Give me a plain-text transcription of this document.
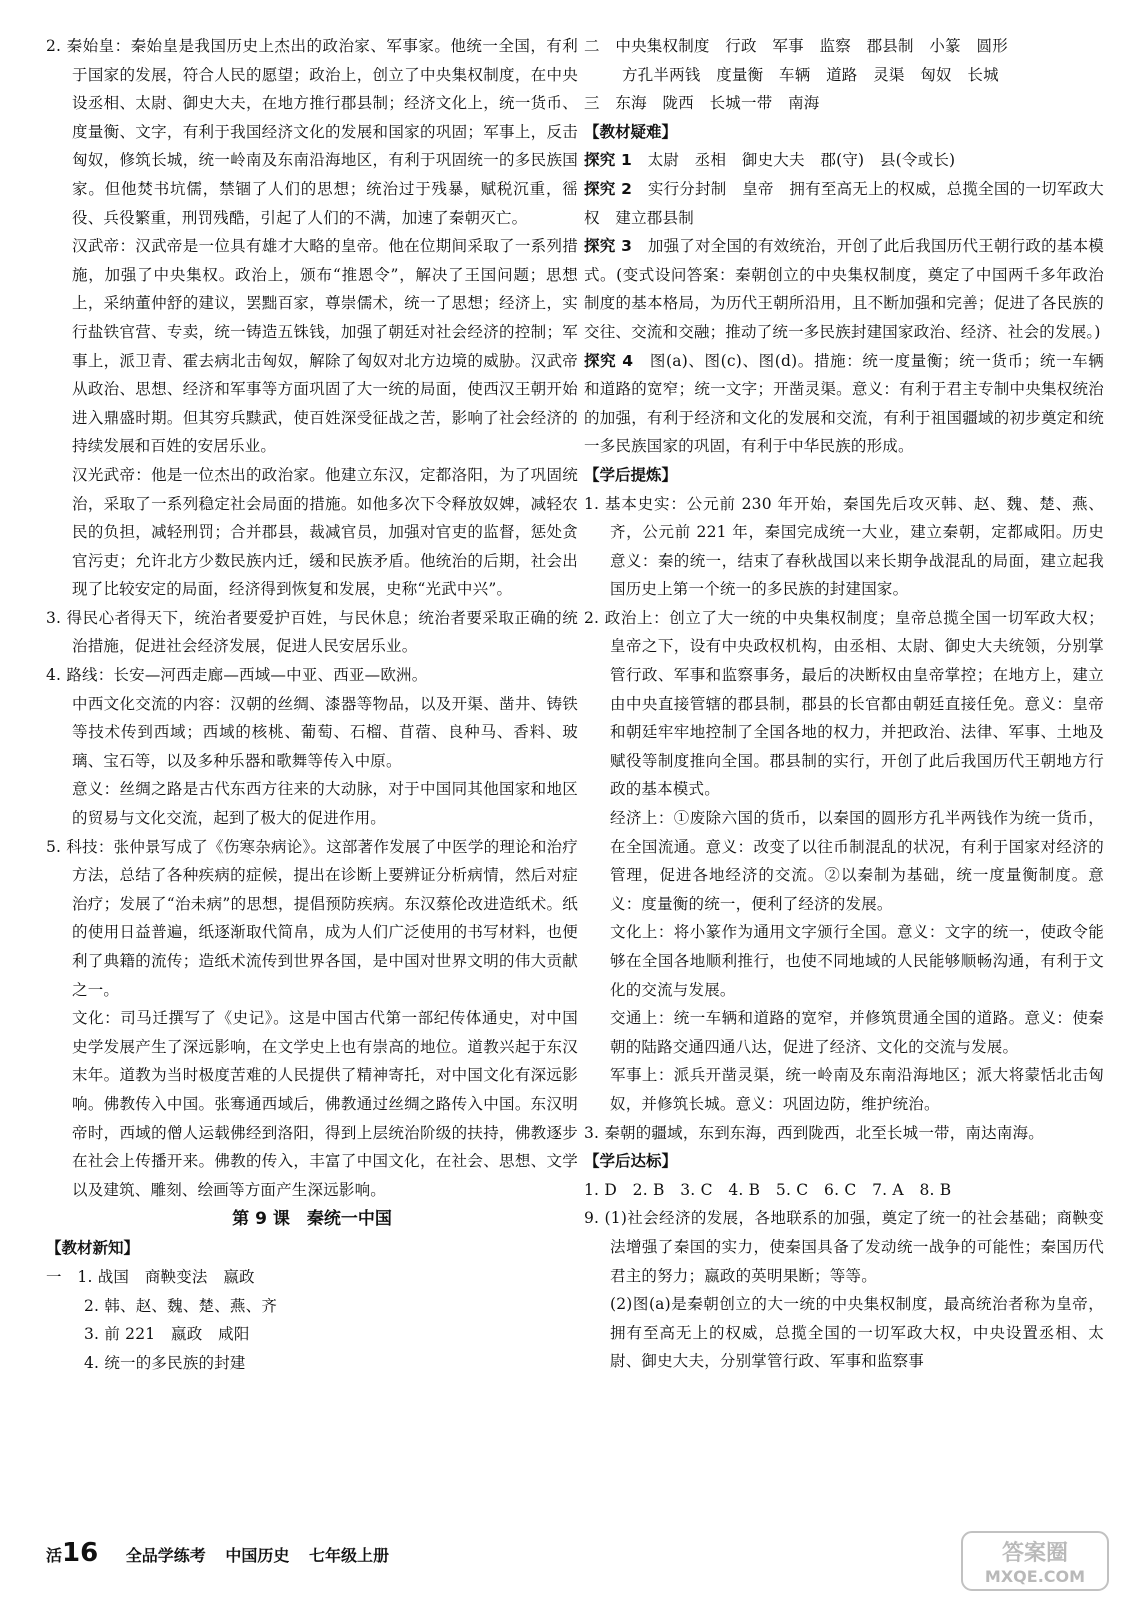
2. 秦始皇：秦始皇是我国历史上杰出的政治家、军事家。他统一全国，有利于国家的发展，符合人民的愿望；政治上，创立了中央集权制度，在中央设丞相、太尉、御史大夫，在地方推行郡县制；经济文化上，统一货币、度量衡、文字，有利于我国经济文化的发展和国家的巩固；军事上，反击匈奴，修筑长城，统一岭南及东南沿海地区，有利于巩固统一的多民族国家。但他焚书坑儒，禁锢了人们的思想；统治过于残暴，赋税沉重，徭役、兵役繁重，刑罚残酷，引起了人们的不满，加速了秦朝灭亡。

汉武帝：汉武帝是一位具有雄才大略的皇帝。他在位期间采取了一系列措施，加强了中央集权。政治上，颁布“推恩令”，解决了王国问题；思想上，采纳董仲舒的建议，罢黜百家，尊崇儒术，统一了思想；经济上，实行盐铁官营、专卖，统一铸造五铢钱，加强了朝廷对社会经济的控制；军事上，派卫青、霍去病北击匈奴，解除了匈奴对北方边境的威胁。汉武帝从政治、思想、经济和军事等方面巩固了大一统的局面，使西汉王朝开始进入鼎盛时期。但其穷兵黩武，使百姓深受征战之苦，影响了社会经济的持续发展和百姓的安居乐业。

汉光武帝：他是一位杰出的政治家。他建立东汉，定都洛阳，为了巩固统治，采取了一系列稳定社会局面的措施。如他多次下令释放奴婢，减轻农民的负担，减轻刑罚；合并郡县，裁减官员，加强对官吏的监督，惩处贪官污吏；允许北方少数民族内迁，缓和民族矛盾。他统治的后期，社会出现了比较安定的局面，经济得到恢复和发展，史称“光武中兴”。

3. 得民心者得天下，统治者要爱护百姓，与民休息；统治者要采取正确的统治措施，促进社会经济发展，促进人民安居乐业。

4. 路线：长安—河西走廊—西域—中亚、西亚—欧洲。

中西文化交流的内容：汉朝的丝绸、漆器等物品，以及开渠、凿井、铸铁等技术传到西域；西域的核桃、葡萄、石榴、苜蓿、良种马、香料、玻璃、宝石等，以及多种乐器和歌舞等传入中原。

意义：丝绸之路是古代东西方往来的大动脉，对于中国同其他国家和地区的贸易与文化交流，起到了极大的促进作用。

5. 科技：张仲景写成了《伤寒杂病论》。这部著作发展了中医学的理论和治疗方法，总结了各种疾病的症候，提出在诊断上要辨证分析病情，然后对症治疗；发展了“治未病”的思想，提倡预防疾病。东汉蔡伦改进造纸术。纸的使用日益普遍，纸逐渐取代简帛，成为人们广泛使用的书写材料，也便利了典籍的流传；造纸术流传到世界各国，是中国对世界文明的伟大贡献之一。

文化：司马迁撰写了《史记》。这是中国古代第一部纪传体通史，对中国史学发展产生了深远影响，在文学史上也有崇高的地位。道教兴起于东汉末年。道教为当时极度苦难的人民提供了精神寄托，对中国文化有深远影响。佛教传入中国。张骞通西域后，佛教通过丝绸之路传入中国。东汉明帝时，西域的僧人运载佛经到洛阳，得到上层统治阶级的扶持，佛教逐步在社会上传播开来。佛教的传入，丰富了中国文化，在社会、思想、文学以及建筑、雕刻、绘画等方面产生深远影响。

第 9 课　秦统一中国

【教材新知】

一　1. 战国　商鞅变法　嬴政

2. 韩、赵、魏、楚、燕、齐

3. 前 221　嬴政　咸阳

4. 统一的多民族的封建

二　中央集权制度　行政　军事　监察　郡县制　小篆　圆形

方孔半两钱　度量衡　车辆　道路　灵渠　匈奴　长城

三　东海　陇西　长城一带　南海

【教材疑难】

探究 1　 太尉　丞相　御史大夫　郡(守)　县(令或长)

探究 2　 实行分封制　皇帝　拥有至高无上的权威，总揽全国的一切军政大权　建立郡县制

探究 3　 加强了对全国的有效统治，开创了此后我国历代王朝行政的基本模式。(变式设问答案：秦朝创立的中央集权制度，奠定了中国两千多年政治制度的基本格局，为历代王朝所沿用，且不断加强和完善；促进了各民族的交往、交流和交融；推动了统一多民族封建国家政治、经济、社会的发展。)

探究 4　 图(a)、图(c)、图(d)。措施：统一度量衡；统一货币；统一车辆和道路的宽窄；统一文字；开凿灵渠。意义：有利于君主专制中央集权统治的加强，有利于经济和文化的发展和交流，有利于祖国疆域的初步奠定和统一多民族国家的巩固，有利于中华民族的形成。

【学后提炼】

1. 基本史实：公元前 230 年开始，秦国先后攻灭韩、赵、魏、楚、燕、齐，公元前 221 年，秦国完成统一大业，建立秦朝，定都咸阳。历史意义：秦的统一，结束了春秋战国以来长期争战混乱的局面，建立起我国历史上第一个统一的多民族的封建国家。

2. 政治上：创立了大一统的中央集权制度；皇帝总揽全国一切军政大权；皇帝之下，设有中央政权机构，由丞相、太尉、御史大夫统领，分别掌管行政、军事和监察事务，最后的决断权由皇帝掌控；在地方上，建立由中央直接管辖的郡县制，郡县的长官都由朝廷直接任免。意义：皇帝和朝廷牢牢地控制了全国各地的权力，并把政治、法律、军事、土地及赋役等制度推向全国。郡县制的实行，开创了此后我国历代王朝地方行政的基本模式。

经济上：①废除六国的货币，以秦国的圆形方孔半两钱作为统一货币，在全国流通。意义：改变了以往币制混乱的状况，有利于国家对经济的管理，促进各地经济的交流。②以秦制为基础，统一度量衡制度。意义：度量衡的统一，便利了经济的发展。

文化上：将小篆作为通用文字颁行全国。意义：文字的统一，使政令能够在全国各地顺利推行，也使不同地域的人民能够顺畅沟通，有利于文化的交流与发展。

交通上：统一车辆和道路的宽窄，并修筑贯通全国的道路。意义：使秦朝的陆路交通四通八达，促进了经济、文化的交流与发展。

军事上：派兵开凿灵渠，统一岭南及东南沿海地区；派大将蒙恬北击匈奴，并修筑长城。意义：巩固边防，维护统治。

3. 秦朝的疆域，东到东海，西到陇西，北至长城一带，南达南海。

【学后达标】

1. D　2. B　3. C　4. B　5. C　6. C　7. A　8. B

9. (1)社会经济的发展，各地联系的加强，奠定了统一的社会基础；商鞅变法增强了秦国的实力，使秦国具备了发动统一战争的可能性；秦国历代君主的努力；嬴政的英明果断；等等。

(2)图(a)是秦朝创立的大一统的中央集权制度，最高统治者称为皇帝，拥有至高无上的权威，总揽全国的一切军政大权，中央设置丞相、太尉、御史大夫，分别掌管行政、军事和监察事

活16 全品学练考 中国历史 七年级上册	答案圈
MXQE.COM
